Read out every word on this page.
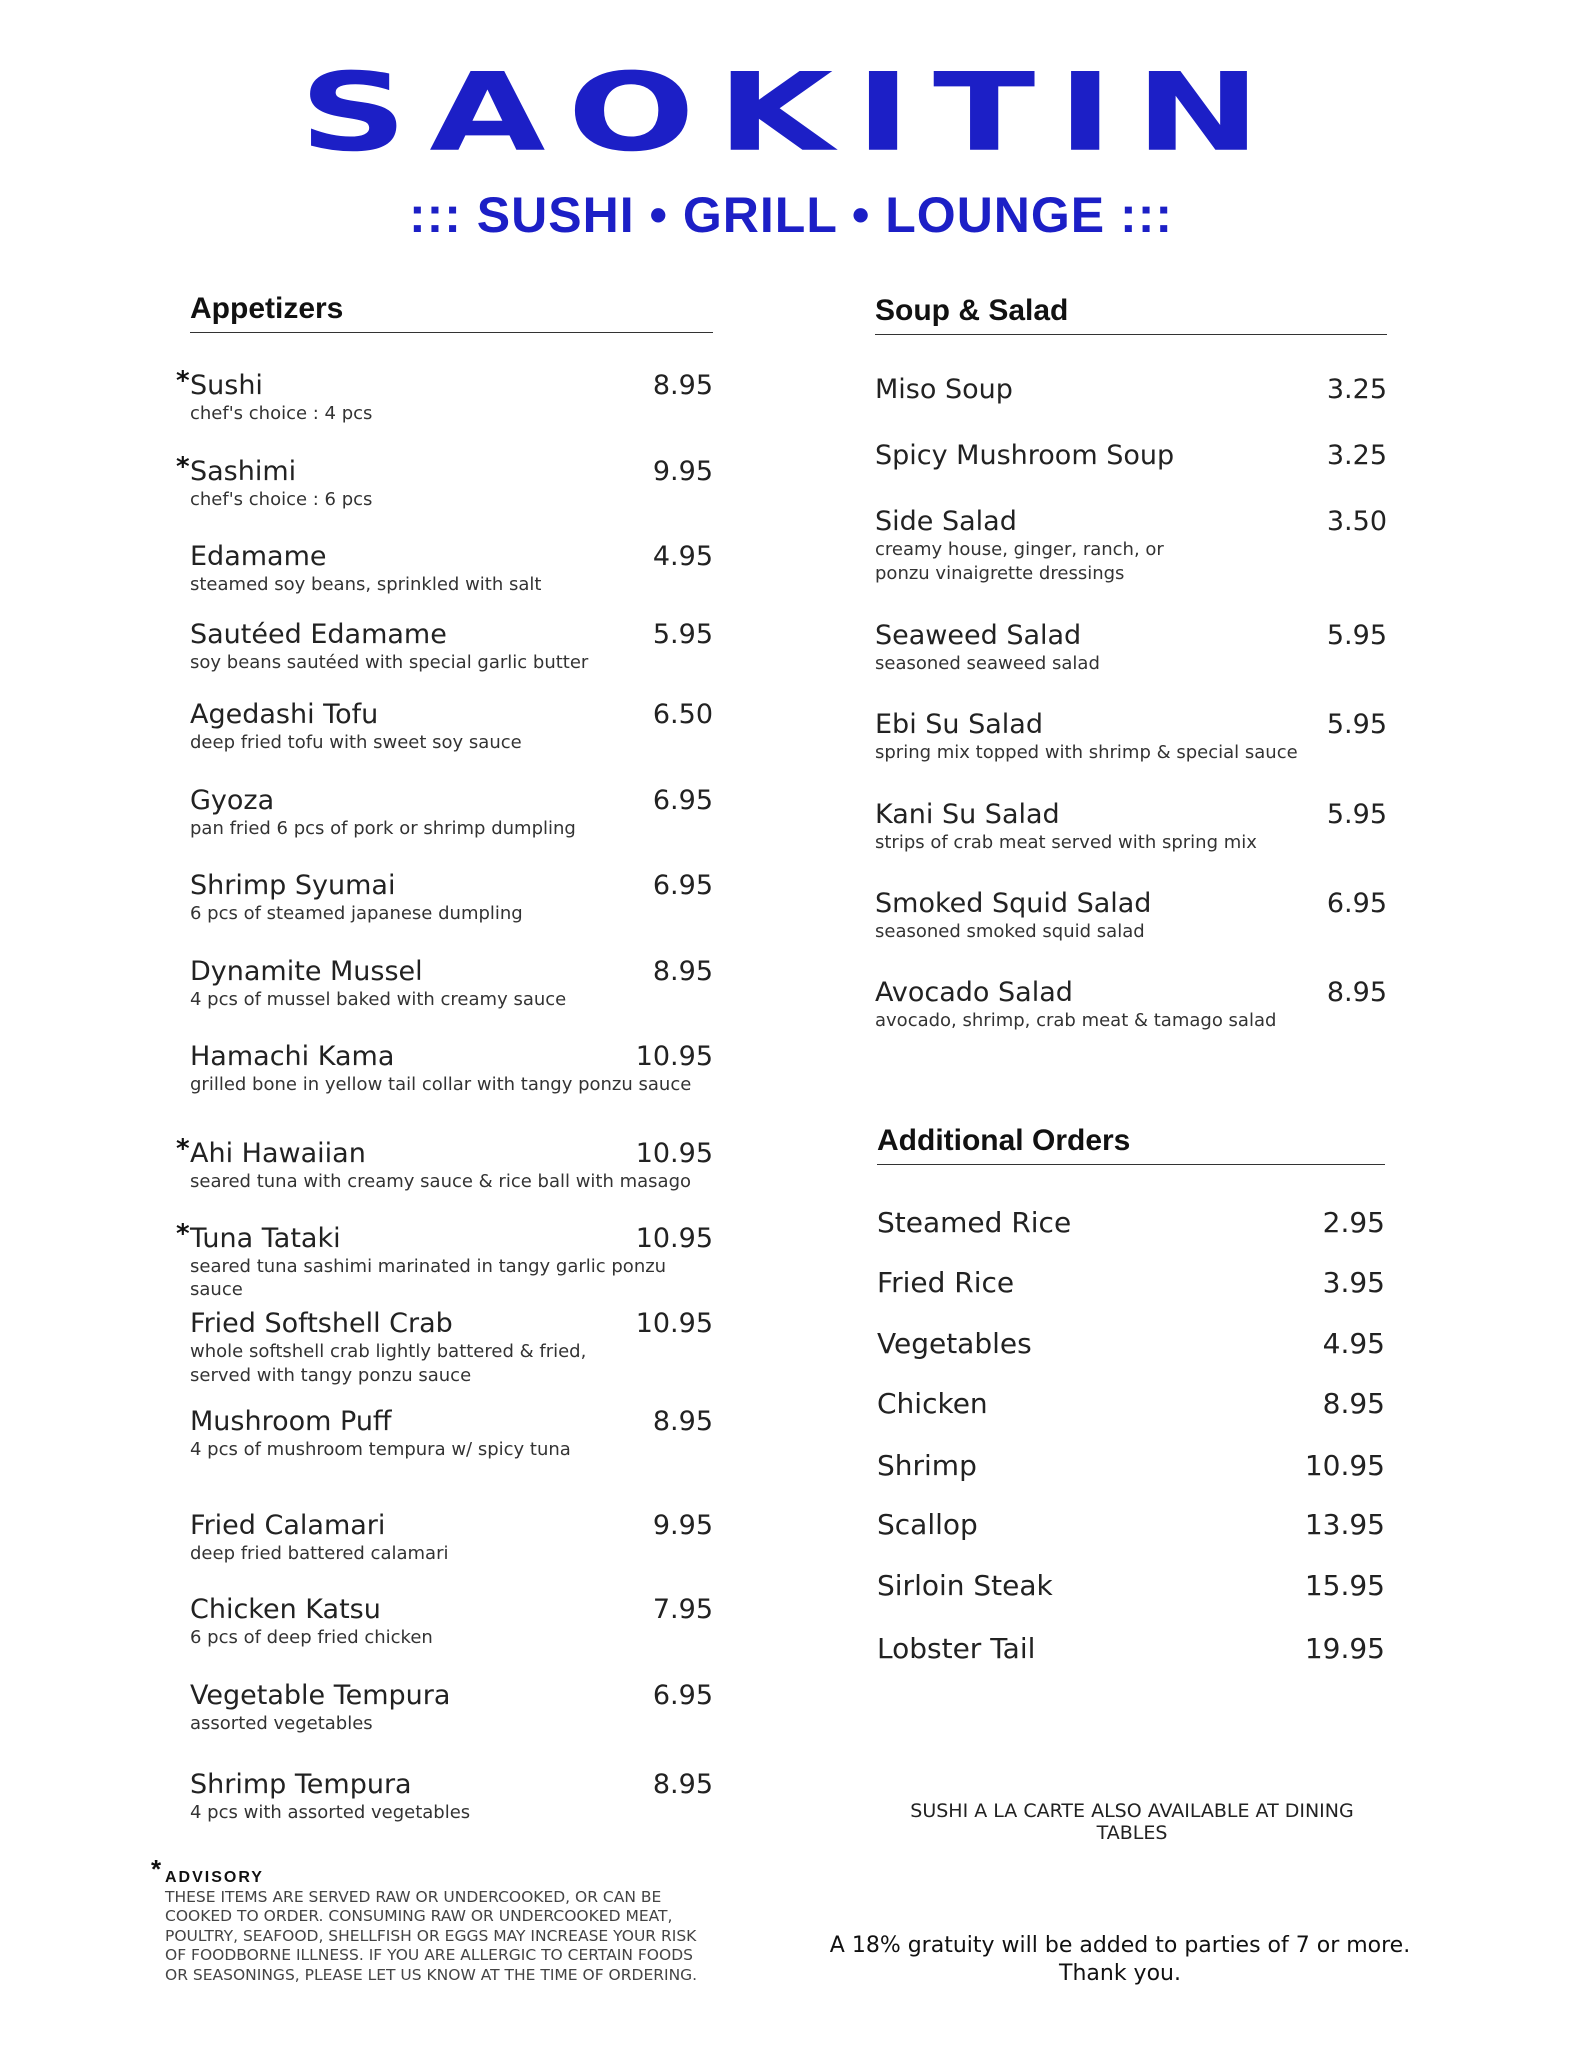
SAOKITIN
::: SUSHI • GRILL • LOUNGE :::
Appetizers
* Sushi	8.95
chef's choice : 4 pcs
* Sashimi	9.95
chef's choice : 6 pcs
Edamame	4.95
steamed soy beans, sprinkled with salt
Sautéed Edamame	5.95
soy beans sautéed with special garlic butter
Agedashi Tofu	6.50
deep fried tofu with sweet soy sauce
Gyoza	6.95
pan fried 6 pcs of pork or shrimp dumpling
Shrimp Syumai	6.95
6 pcs of steamed japanese dumpling
Dynamite Mussel	8.95
4 pcs of mussel baked with creamy sauce
Hamachi Kama	10.95
grilled bone in yellow tail collar with tangy ponzu sauce
* Ahi Hawaiian	10.95
seared tuna with creamy sauce & rice ball with masago
* Tuna Tataki	10.95
seared tuna sashimi marinated in tangy garlic ponzu sauce
Fried Softshell Crab	10.95
whole softshell crab lightly battered & fried,
served with tangy ponzu sauce
Mushroom Puff	8.95
4 pcs of mushroom tempura w/ spicy tuna
Fried Calamari	9.95
deep fried battered calamari
Chicken Katsu	7.95
6 pcs of deep fried chicken
Vegetable Tempura	6.95
assorted vegetables
Shrimp Tempura	8.95
4 pcs with assorted vegetables
Soup & Salad
Miso Soup	3.25
Spicy Mushroom Soup	3.25
Side Salad	3.50
creamy house, ginger, ranch, or
ponzu vinaigrette dressings
Seaweed Salad	5.95
seasoned seaweed salad
Ebi Su Salad	5.95
spring mix topped with shrimp & special sauce
Kani Su Salad	5.95
strips of crab meat served with spring mix
Smoked Squid Salad	6.95
seasoned smoked squid salad
Avocado Salad	8.95
avocado, shrimp, crab meat & tamago salad
Additional Orders
Steamed Rice	2.95
Fried Rice	3.95
Vegetables	4.95
Chicken	8.95
Shrimp	10.95
Scallop	13.95
Sirloin Steak	15.95
Lobster Tail	19.95
SUSHI A LA CARTE ALSO AVAILABLE AT DINING TABLES
* ADVISORY
THESE ITEMS ARE SERVED RAW OR UNDERCOOKED, OR CAN BE
COOKED TO ORDER. CONSUMING RAW OR UNDERCOOKED MEAT,
POULTRY, SEAFOOD, SHELLFISH OR EGGS MAY INCREASE YOUR RISK
OF FOODBORNE ILLNESS. IF YOU ARE ALLERGIC TO CERTAIN FOODS
OR SEASONINGS, PLEASE LET US KNOW AT THE TIME OF ORDERING.
A 18% gratuity will be added to parties of 7 or more.
Thank you.
